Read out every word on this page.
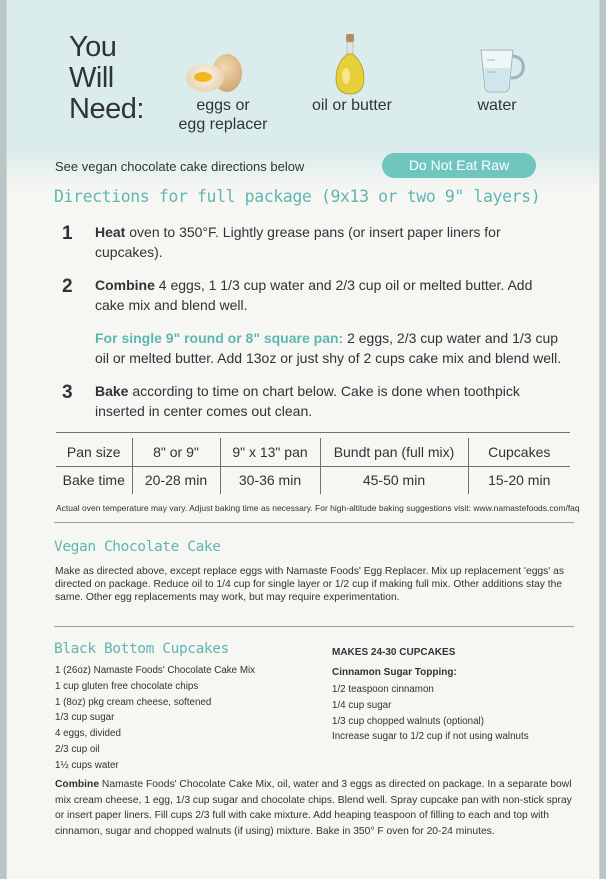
You
Will
Need:	eggs or
egg replacer
oil or butter	water
See vegan chocolate cake directions below	Do Not Eat Raw
Directions for full package (9x13 or two 9" layers)
1 Heat oven to 350°F. Lightly grease pans (or insert paper liners for cupcakes).
2 Combine 4 eggs, 1 1/3 cup water and 2/3 cup oil or melted butter. Add cake mix and blend well.
For single 9" round or 8" square pan: 2 eggs, 2/3 cup water and 1/3 cup oil or melted butter. Add 13oz or just shy of 2 cups cake mix and blend well.
3 Bake according to time on chart below. Cake is done when toothpick inserted in center comes out clean.
Pan size	8" or 9"	9" x 13" pan	Bundt pan (full mix)	Cupcakes
Bake time	20-28 min	30-36 min	45-50 min	15-20 min
Actual oven temperature may vary. Adjust baking time as necessary. For high-altitude baking suggestions visit: www.namastefoods.com/faq
Vegan Chocolate Cake
Make as directed above, except replace eggs with Namaste Foods' Egg Replacer. Mix up replacement 'eggs' as directed on package. Reduce oil to 1/4 cup for single layer or 1/2 cup if making full mix. Other additions stay the same. Other egg replacements may work, but may require experimentation.
Black Bottom Cupcakes	MAKES 24-30 CUPCAKES
1 (26oz) Namaste Foods' Chocolate Cake Mix
1 cup gluten free chocolate chips
1 (8oz) pkg cream cheese, softened
1/3 cup sugar
4 eggs, divided
2/3 cup oil
1½ cups water
Cinnamon Sugar Topping:
1/2 teaspoon cinnamon
1/4 cup sugar
1/3 cup chopped walnuts (optional)
Increase sugar to 1/2 cup if not using walnuts
Combine Namaste Foods' Chocolate Cake Mix, oil, water and 3 eggs as directed on package. In a separate bowl mix cream cheese, 1 egg, 1/3 cup sugar and chocolate chips. Blend well. Spray cupcake pan with non-stick spray or insert paper liners. Fill cups 2/3 full with cake mixture. Add heaping teaspoon of filling to each and top with cinnamon, sugar and chopped walnuts (if using) mixture. Bake in 350° F oven for 20-24 minutes.
